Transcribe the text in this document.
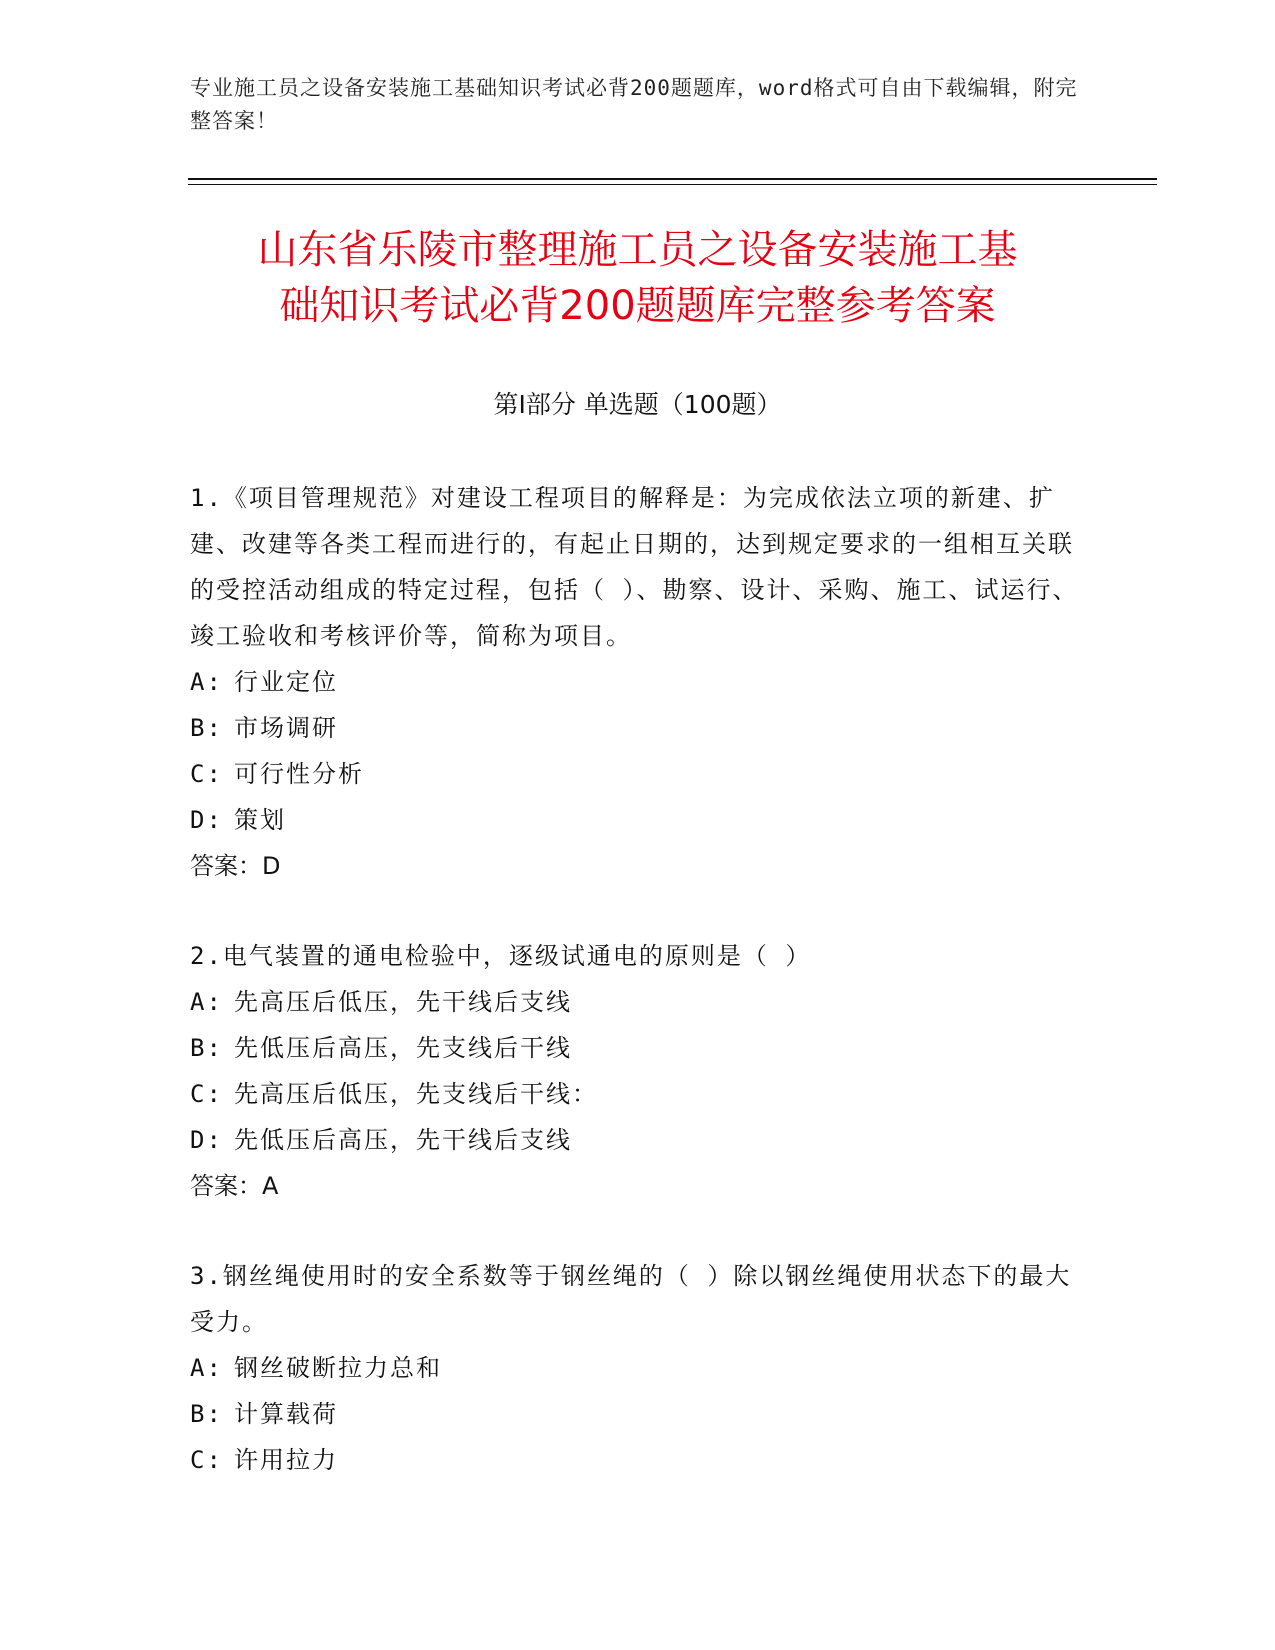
专业施工员之设备安装施工基础知识考试必背200题题库，word格式可自由下载编辑，附完整答案！
山东省乐陵市整理施工员之设备安装施工基
础知识考试必背200题题库完整参考答案
第Ⅰ部分 单选题（100题）
1.《项目管理规范》对建设工程项目的解释是：为完成依法立项的新建、扩建、改建等各类工程而进行的，有起止日期的，达到规定要求的一组相互关联的受控活动组成的特定过程，包括（ ）、勘察、设计、采购、施工、试运行、竣工验收和考核评价等，简称为项目。
A: 行业定位
B: 市场调研
C: 可行性分析
D: 策划
答案：D
2.电气装置的通电检验中，逐级试通电的原则是（ ）
A: 先高压后低压，先干线后支线
B: 先低压后高压，先支线后干线
C: 先高压后低压，先支线后干线：
D: 先低压后高压，先干线后支线
答案：A
3.钢丝绳使用时的安全系数等于钢丝绳的（ ）除以钢丝绳使用状态下的最大受力。
A: 钢丝破断拉力总和
B: 计算载荷
C: 许用拉力
